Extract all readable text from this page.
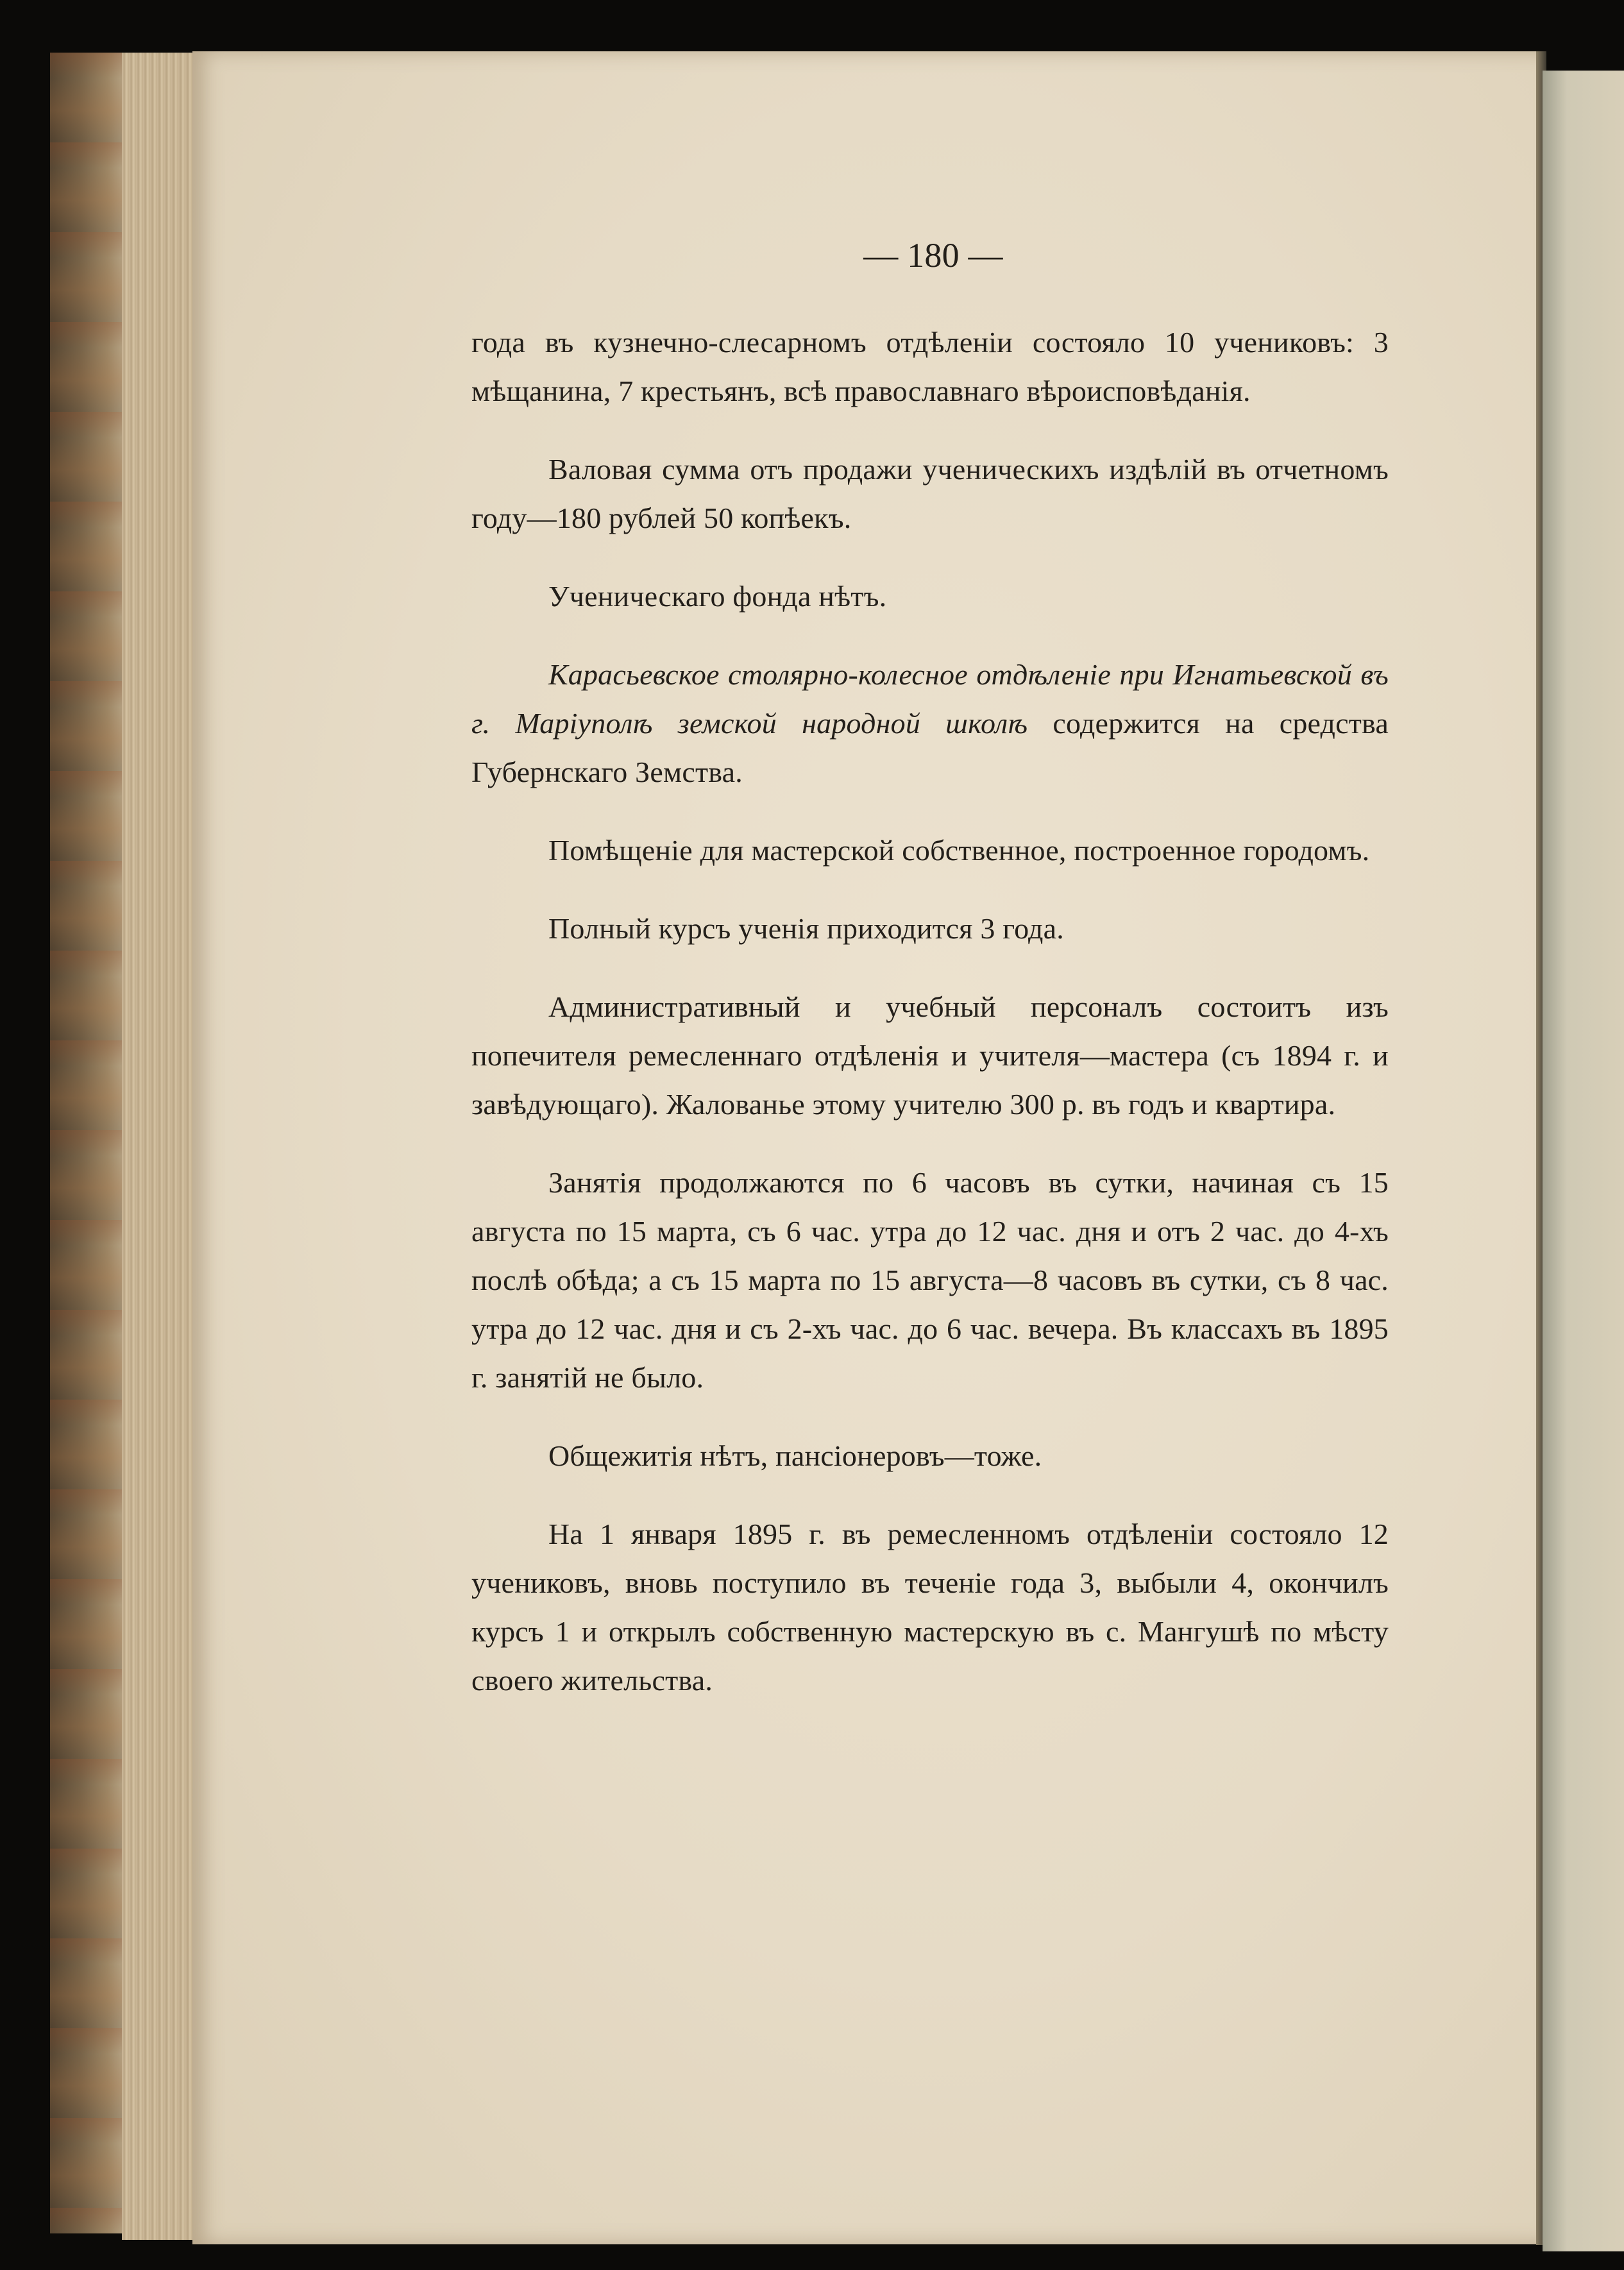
— 180 —

года въ кузнечно-слесарномъ отдѣленіи состояло 10 учениковъ: 3 мѣщанина, 7 крестьянъ, всѣ православнаго вѣроисповѣданія.

Валовая сумма отъ продажи ученическихъ издѣлій въ отчетномъ году—180 рублей 50 копѣекъ.

Ученическаго фонда нѣтъ.

Карасьевское столярно-колесное отдѣленіе при Игнатьевской въ г. Маріуполѣ земской народной школѣ содержится на средства Губернскаго Земства.

Помѣщеніе для мастерской собственное, построенное городомъ.

Полный курсъ ученія приходится 3 года.

Административный и учебный персоналъ состоитъ изъ попечителя ремесленнаго отдѣленія и учителя—мастера (съ 1894 г. и завѣдующаго). Жалованье этому учителю 300 р. въ годъ и квартира.

Занятія продолжаются по 6 часовъ въ сутки, начиная съ 15 августа по 15 марта, съ 6 час. утра до 12 час. дня и отъ 2 час. до 4-хъ послѣ обѣда; а съ 15 марта по 15 августа—8 часовъ въ сутки, съ 8 час. утра до 12 час. дня и съ 2-хъ час. до 6 час. вечера. Въ классахъ въ 1895 г. занятій не было.

Общежитія нѣтъ, пансіонеровъ—тоже.

На 1 января 1895 г. въ ремесленномъ отдѣленіи состояло 12 учениковъ, вновь поступило въ теченіе года 3, выбыли 4, окончилъ курсъ 1 и открылъ собственную мастерскую въ с. Мангушѣ по мѣсту своего жительства.
